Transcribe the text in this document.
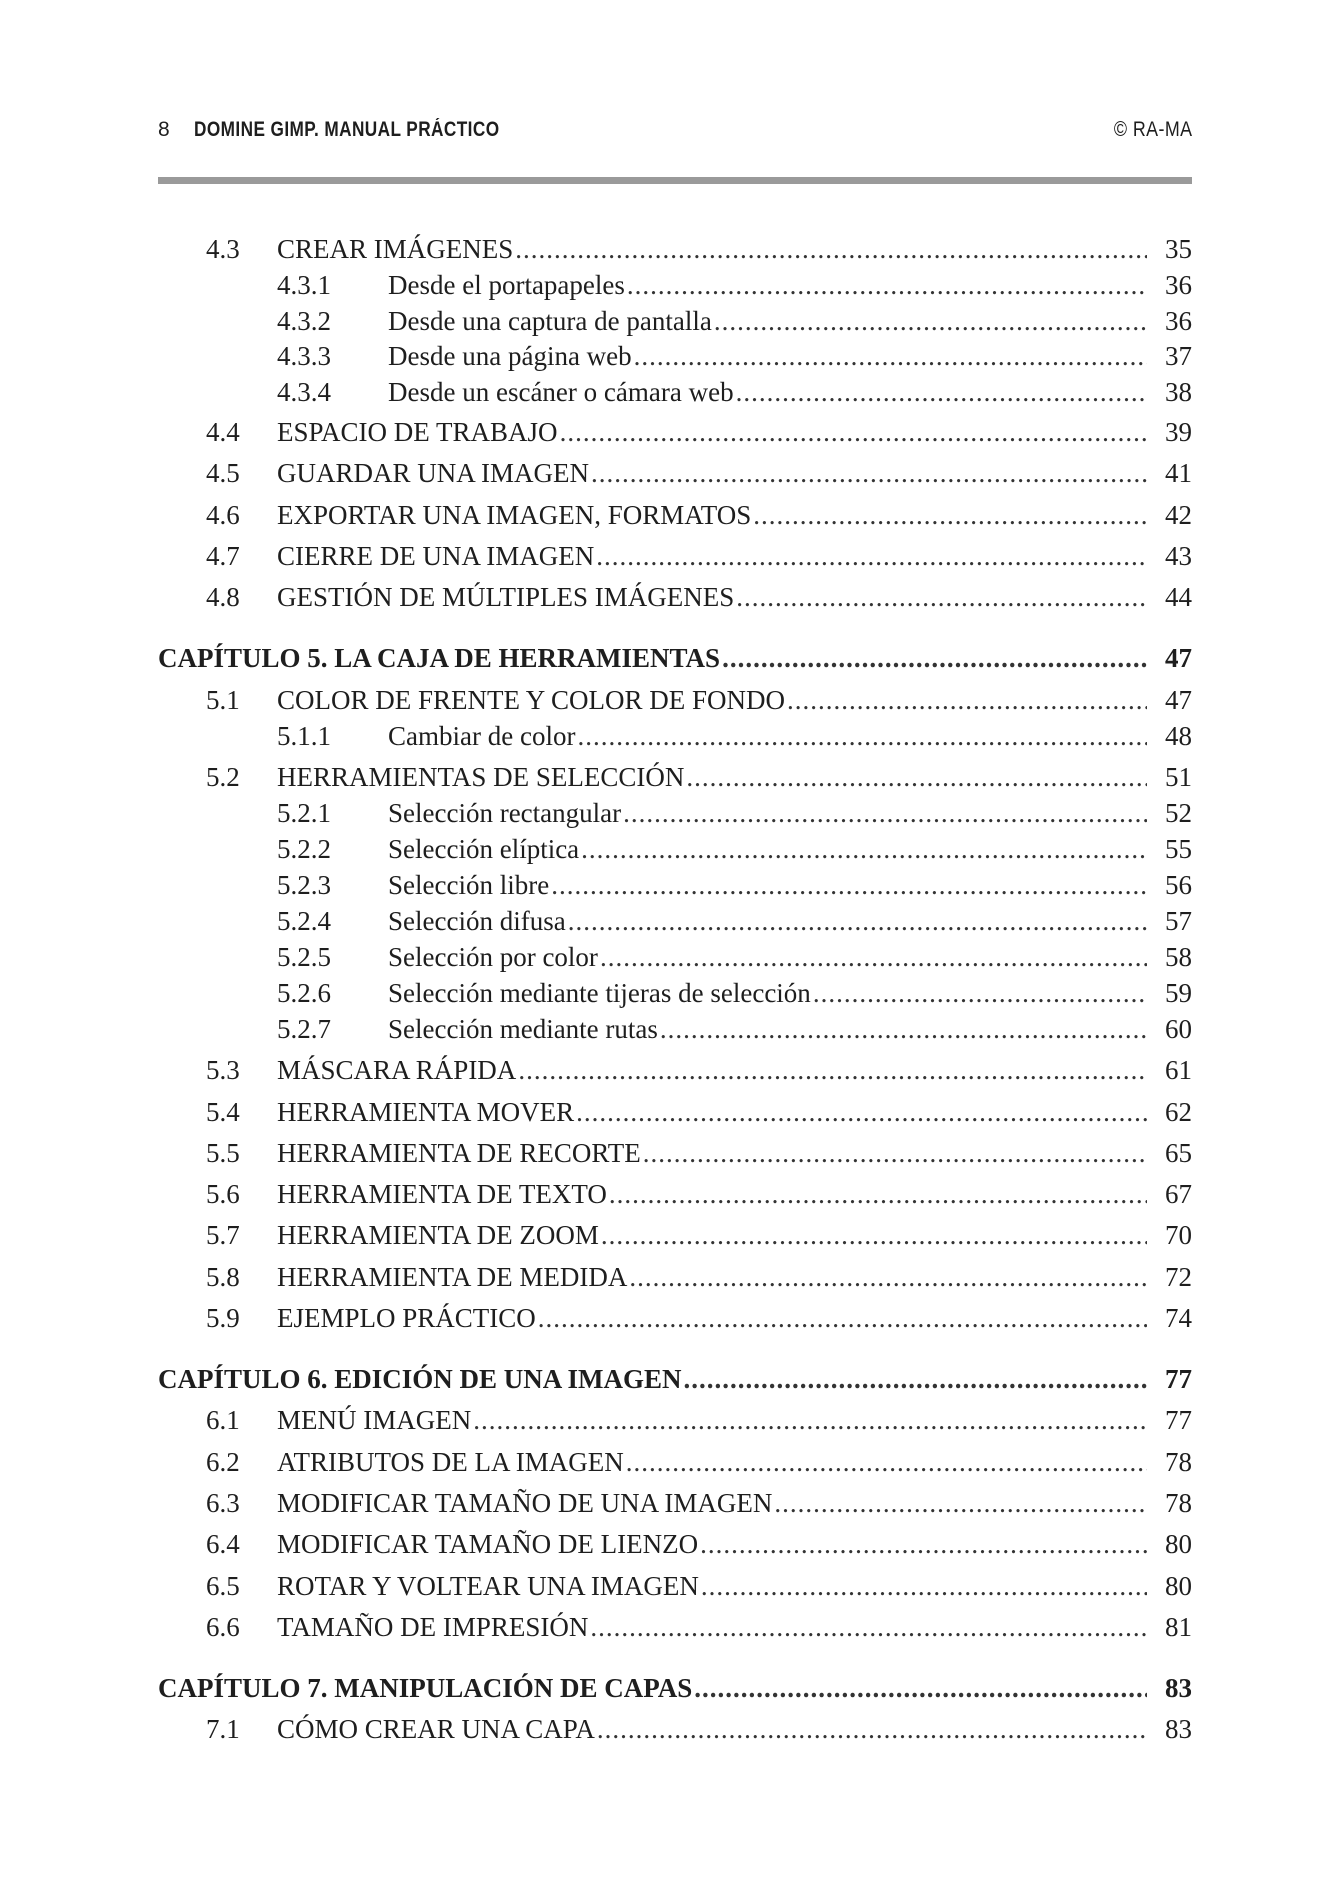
8 DOMINE GIMP. MANUAL PRÁCTICO	© RA-MA
4.3 CREAR IMÁGENES .....	35
4.3.1 Desde el portapapeles .....	36
4.3.2 Desde una captura de pantalla .....	36
4.3.3 Desde una página web .....	37
4.3.4 Desde un escáner o cámara web .....	38
4.4 ESPACIO DE TRABAJO .....	39
4.5 GUARDAR UNA IMAGEN .....	41
4.6 EXPORTAR UNA IMAGEN, FORMATOS .....	42
4.7 CIERRE DE UNA IMAGEN .....	43
4.8 GESTIÓN DE MÚLTIPLES IMÁGENES .....	44
CAPÍTULO 5. LA CAJA DE HERRAMIENTAS .....	47
5.1 COLOR DE FRENTE Y COLOR DE FONDO .....	47
5.1.1 Cambiar de color .....	48
5.2 HERRAMIENTAS DE SELECCIÓN .....	51
5.2.1 Selección rectangular .....	52
5.2.2 Selección elíptica .....	55
5.2.3 Selección libre .....	56
5.2.4 Selección difusa .....	57
5.2.5 Selección por color .....	58
5.2.6 Selección mediante tijeras de selección .....	59
5.2.7 Selección mediante rutas .....	60
5.3 MÁSCARA RÁPIDA .....	61
5.4 HERRAMIENTA MOVER .....	62
5.5 HERRAMIENTA DE RECORTE .....	65
5.6 HERRAMIENTA DE TEXTO .....	67
5.7 HERRAMIENTA DE ZOOM .....	70
5.8 HERRAMIENTA DE MEDIDA .....	72
5.9 EJEMPLO PRÁCTICO .....	74
CAPÍTULO 6. EDICIÓN DE UNA IMAGEN .....	77
6.1 MENÚ IMAGEN .....	77
6.2 ATRIBUTOS DE LA IMAGEN .....	78
6.3 MODIFICAR TAMAÑO DE UNA IMAGEN .....	78
6.4 MODIFICAR TAMAÑO DE LIENZO .....	80
6.5 ROTAR Y VOLTEAR UNA IMAGEN .....	80
6.6 TAMAÑO DE IMPRESIÓN .....	81
CAPÍTULO 7. MANIPULACIÓN DE CAPAS .....	83
7.1 CÓMO CREAR UNA CAPA .....	83
